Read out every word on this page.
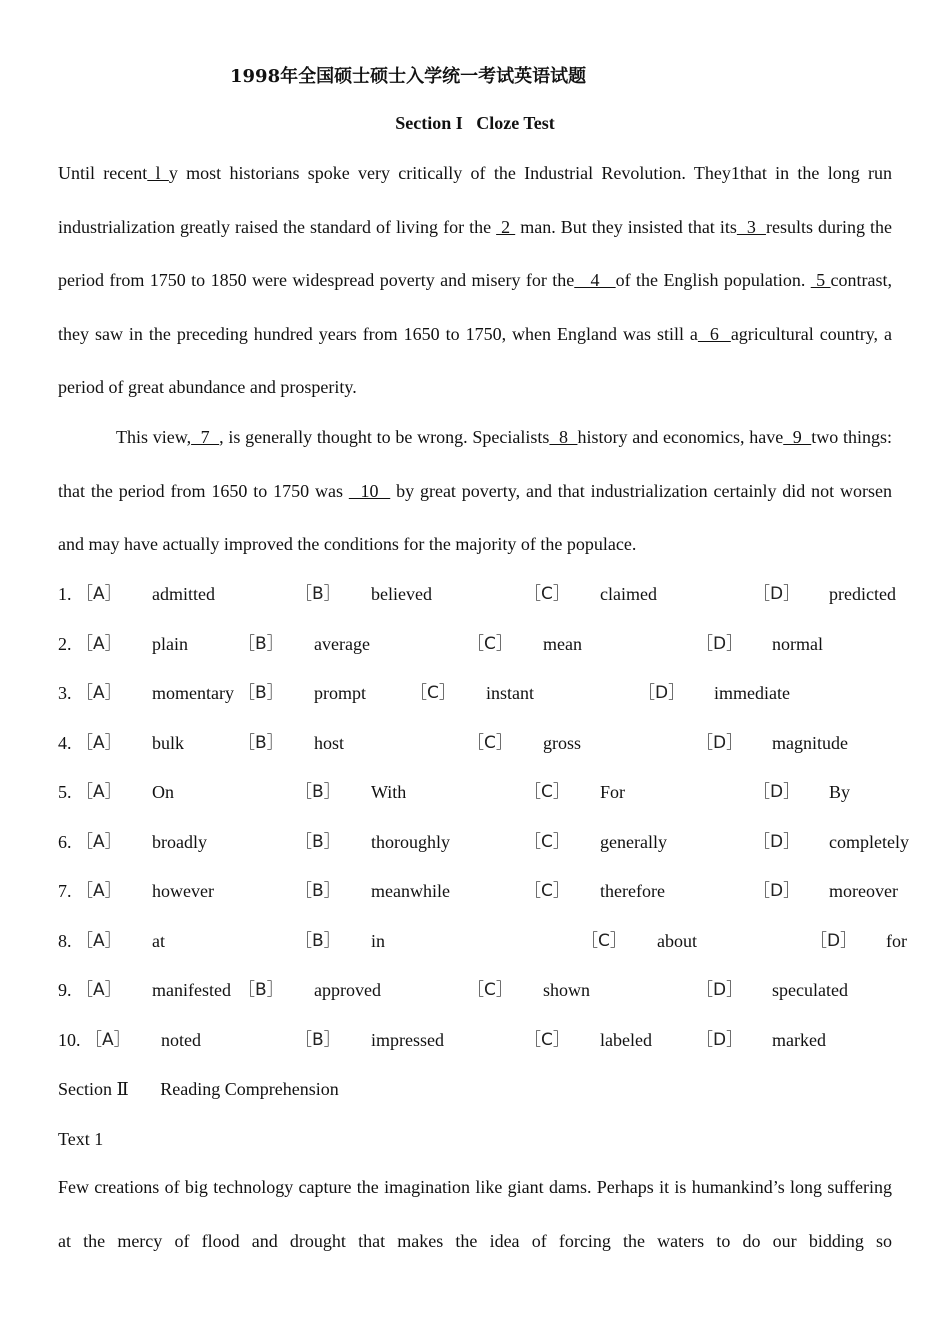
1998年全国硕士硕士入学统一考试英语试题
Section I   Cloze Test
Until recent l y most historians spoke very critically of the Industrial Revolution. They1that in the long run industrialization greatly raised the standard of living for the  2  man. But they insisted that its  3  results during the period from 1750 to 1850 were widespread poverty and misery for the   4   of the English population.  5 contrast, they saw in the preceding hundred years from 1650 to 1750, when England was still a  6  agricultural country, a period of great abundance and prosperity.
This view,  7  , is generally thought to be wrong. Specialists  8  history and economics, have  9  two things: that the period from 1650 to 1750 was   10   by great poverty, and that industrialization certainly did not worsen and may have actually improved the conditions for the majority of the populace.
1. ［A］ admitted	［B］ believed	［C］ claimed	［D］ predicted
2. ［A］ plain	［B］ average	［C］ mean	［D］ normal
3. ［A］ momentary ［B］ prompt	［C］ instant	［D］ immediate
4. ［A］ bulk	［B］ host	［C］ gross	［D］ magnitude
5. ［A］ On	［B］ With	［C］ For	［D］ By
6. ［A］ broadly	［B］ thoroughly	［C］ generally	［D］ completely
7. ［A］ however	［B］ meanwhile	［C］ therefore	［D］ moreover
8. ［A］ at	［B］ in	［C］ about	［D］ for
9. ［A］ manifested ［B］ approved	［C］ shown	［D］ speculated
10. ［A］ noted	［B］ impressed	［C］ labeled	［D］ marked
Section Ⅱ       Reading Comprehension
Text 1
Few creations of big technology capture the imagination like giant dams. Perhaps it is humankind’s long suffering at the mercy of flood and drought that makes the idea of forcing the waters to do our bidding so
